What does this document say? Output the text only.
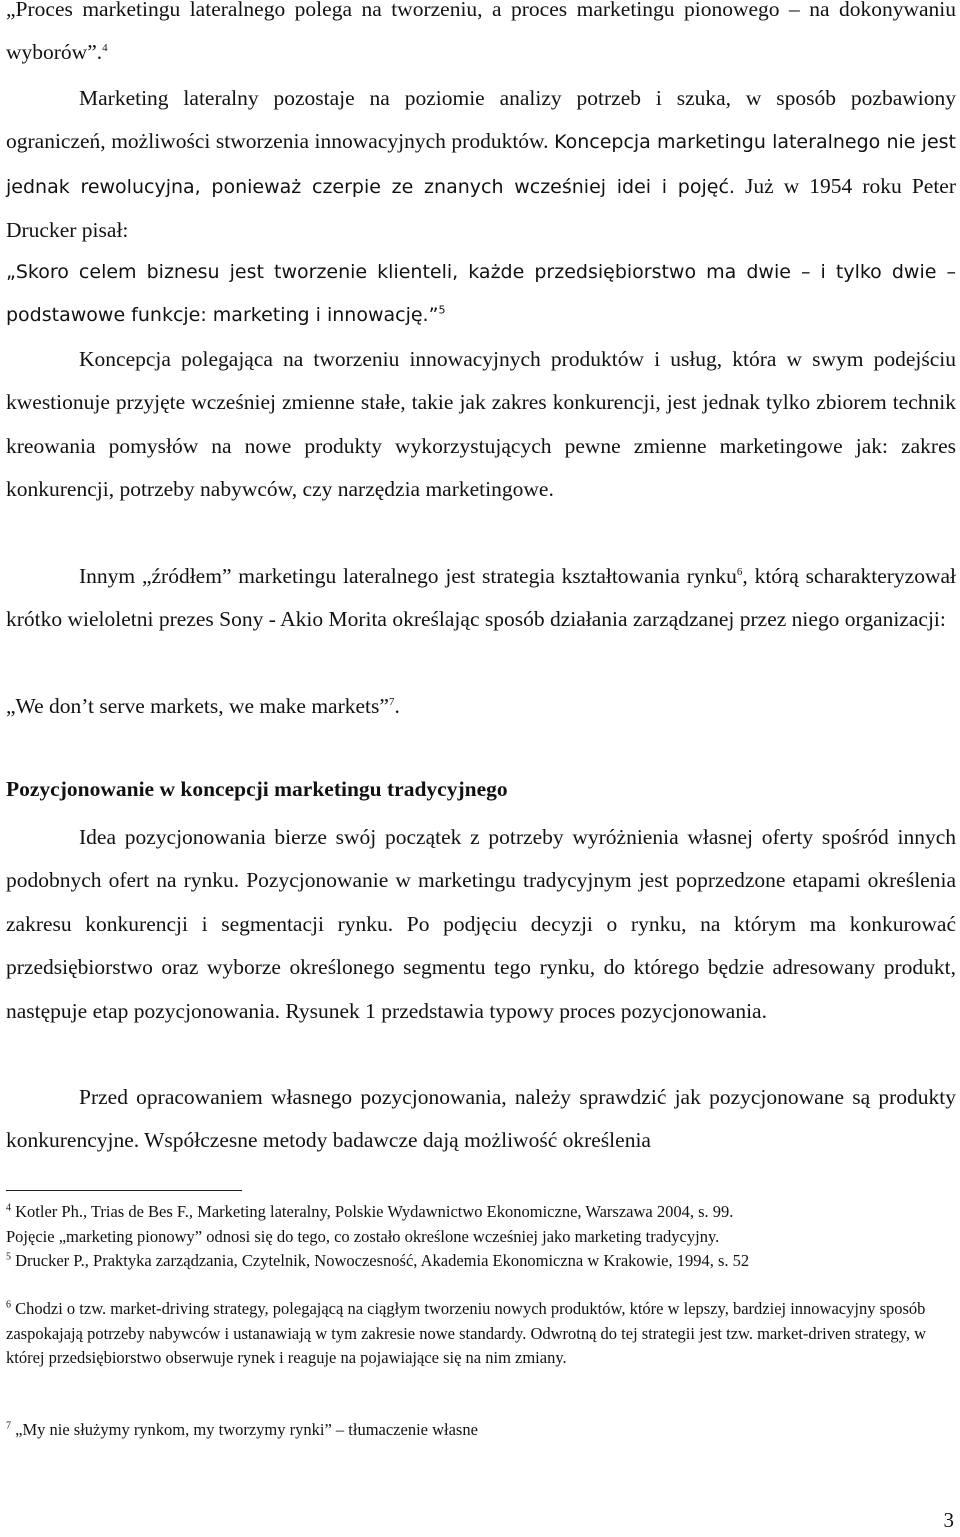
„Proces marketingu lateralnego polega na tworzeniu, a proces marketingu pionowego – na dokonywaniu wyborów”.$^4$

Marketing lateralny pozostaje na poziomie analizy potrzeb i szuka, w sposób pozbawiony ograniczeń, możliwości stworzenia innowacyjnych produktów. Koncepcja marketingu lateralnego nie jest jednak rewolucyjna, ponieważ czerpie ze znanych wcześniej idei i pojęć. Już w 1954 roku Peter Drucker pisał:

„Skoro celem biznesu jest tworzenie klienteli, każde przedsiębiorstwo ma dwie – i tylko dwie – podstawowe funkcje: marketing i innowację.”$^5$

Koncepcja polegająca na tworzeniu innowacyjnych produktów i usług, która w swym podejściu kwestionuje przyjęte wcześniej zmienne stałe, takie jak zakres konkurencji, jest jednak tylko zbiorem technik kreowania pomysłów na nowe produkty wykorzystujących pewne zmienne marketingowe jak: zakres konkurencji, potrzeby nabywców, czy narzędzia marketingowe.

Innym „źródłem” marketingu lateralnego jest strategia kształtowania rynku$^6$, którą scharakteryzował krótko wieloletni prezes Sony - Akio Morita określając sposób działania zarządzanej przez niego organizacji:

„We don’t serve markets, we make markets”$^7$.

Pozycjonowanie w koncepcji marketingu tradycyjnego

Idea pozycjonowania bierze swój początek z potrzeby wyróżnienia własnej oferty spośród innych podobnych ofert na rynku. Pozycjonowanie w marketingu tradycyjnym jest poprzedzone etapami określenia zakresu konkurencji i segmentacji rynku. Po podjęciu decyzji o rynku, na którym ma konkurować przedsiębiorstwo oraz wyborze określonego segmentu tego rynku, do którego będzie adresowany produkt, następuje etap pozycjonowania. Rysunek 1 przedstawia typowy proces pozycjonowania.

Przed opracowaniem własnego pozycjonowania, należy sprawdzić jak pozycjonowane są produkty konkurencyjne. Współczesne metody badawcze dają możliwość określenia

$^4$ Kotler Ph., Trias de Bes F., Marketing lateralny, Polskie Wydawnictwo Ekonomiczne, Warszawa 2004, s. 99.
Pojęcie „marketing pionowy” odnosi się do tego, co zostało określone wcześniej jako marketing tradycyjny.

$^5$ Drucker P., Praktyka zarządzania, Czytelnik, Nowoczesność, Akademia Ekonomiczna w Krakowie, 1994, s. 52

$^6$ Chodzi o tzw. market-driving strategy, polegającą na ciągłym tworzeniu nowych produktów, które w lepszy, bardziej innowacyjny sposób zaspokajają potrzeby nabywców i ustanawiają w tym zakresie nowe standardy. Odwrotną do tej strategii jest tzw. market-driven strategy, w której przedsiębiorstwo obserwuje rynek i reaguje na pojawiające się na nim zmiany.

$^7$ „My nie służymy rynkom, my tworzymy rynki” – tłumaczenie własne

3
